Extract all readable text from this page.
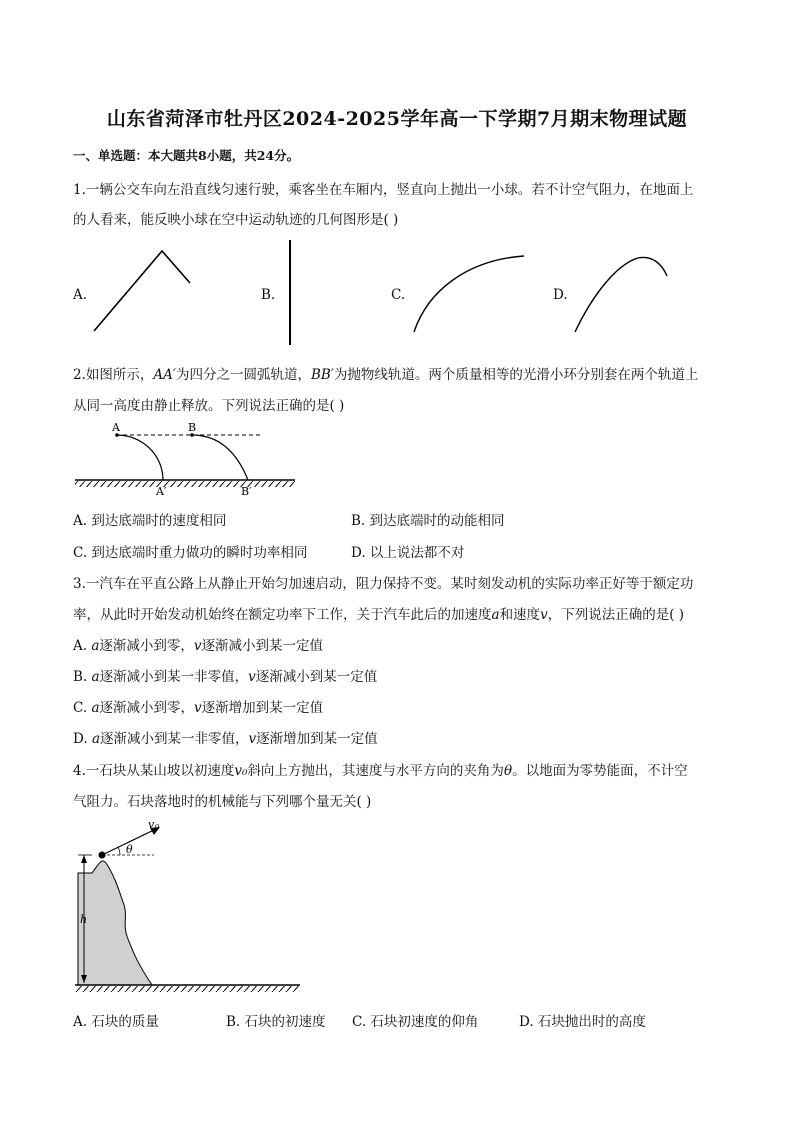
山东省菏泽市牡丹区2024-2025学年高一下学期7月期末物理试题
一、单选题：本大题共8小题，共24分。
1.一辆公交车向左沿直线匀速行驶，乘客坐在车厢内，竖直向上抛出一小球。若不计空气阻力，在地面上
的人看来，能反映小球在空中运动轨迹的几何图形是( )
A.	B.	C.	D.
2.如图所示，AA′为四分之一圆弧轨道，BB′为抛物线轨道。两个质量相等的光滑小环分别套在两个轨道上
从同一高度由静止释放。下列说法正确的是( )
A	B
A′	B′
A. 到达底端时的速度相同	B. 到达底端时的动能相同
C. 到达底端时重力做功的瞬时功率相同	D. 以上说法都不对
3.一汽车在平直公路上从静止开始匀加速启动，阻力保持不变。某时刻发动机的实际功率正好等于额定功
率，从此时开始发动机始终在额定功率下工作，关于汽车此后的加速度a和速度v，下列说法正确的是( )
A. a逐渐减小到零，v逐渐减小到某一定值
B. a逐渐减小到某一非零值，v逐渐减小到某一定值
C. a逐渐减小到零，v逐渐增加到某一定值
D. a逐渐减小到某一非零值，v逐渐增加到某一定值
4.一石块从某山坡以初速度v₀斜向上方抛出，其速度与水平方向的夹角为θ。以地面为零势能面，不计空
气阻力。石块落地时的机械能与下列哪个量无关( )
h
θ
v0
A. 石块的质量	B. 石块的初速度 C. 石块初速度的仰角	D. 石块抛出时的高度
